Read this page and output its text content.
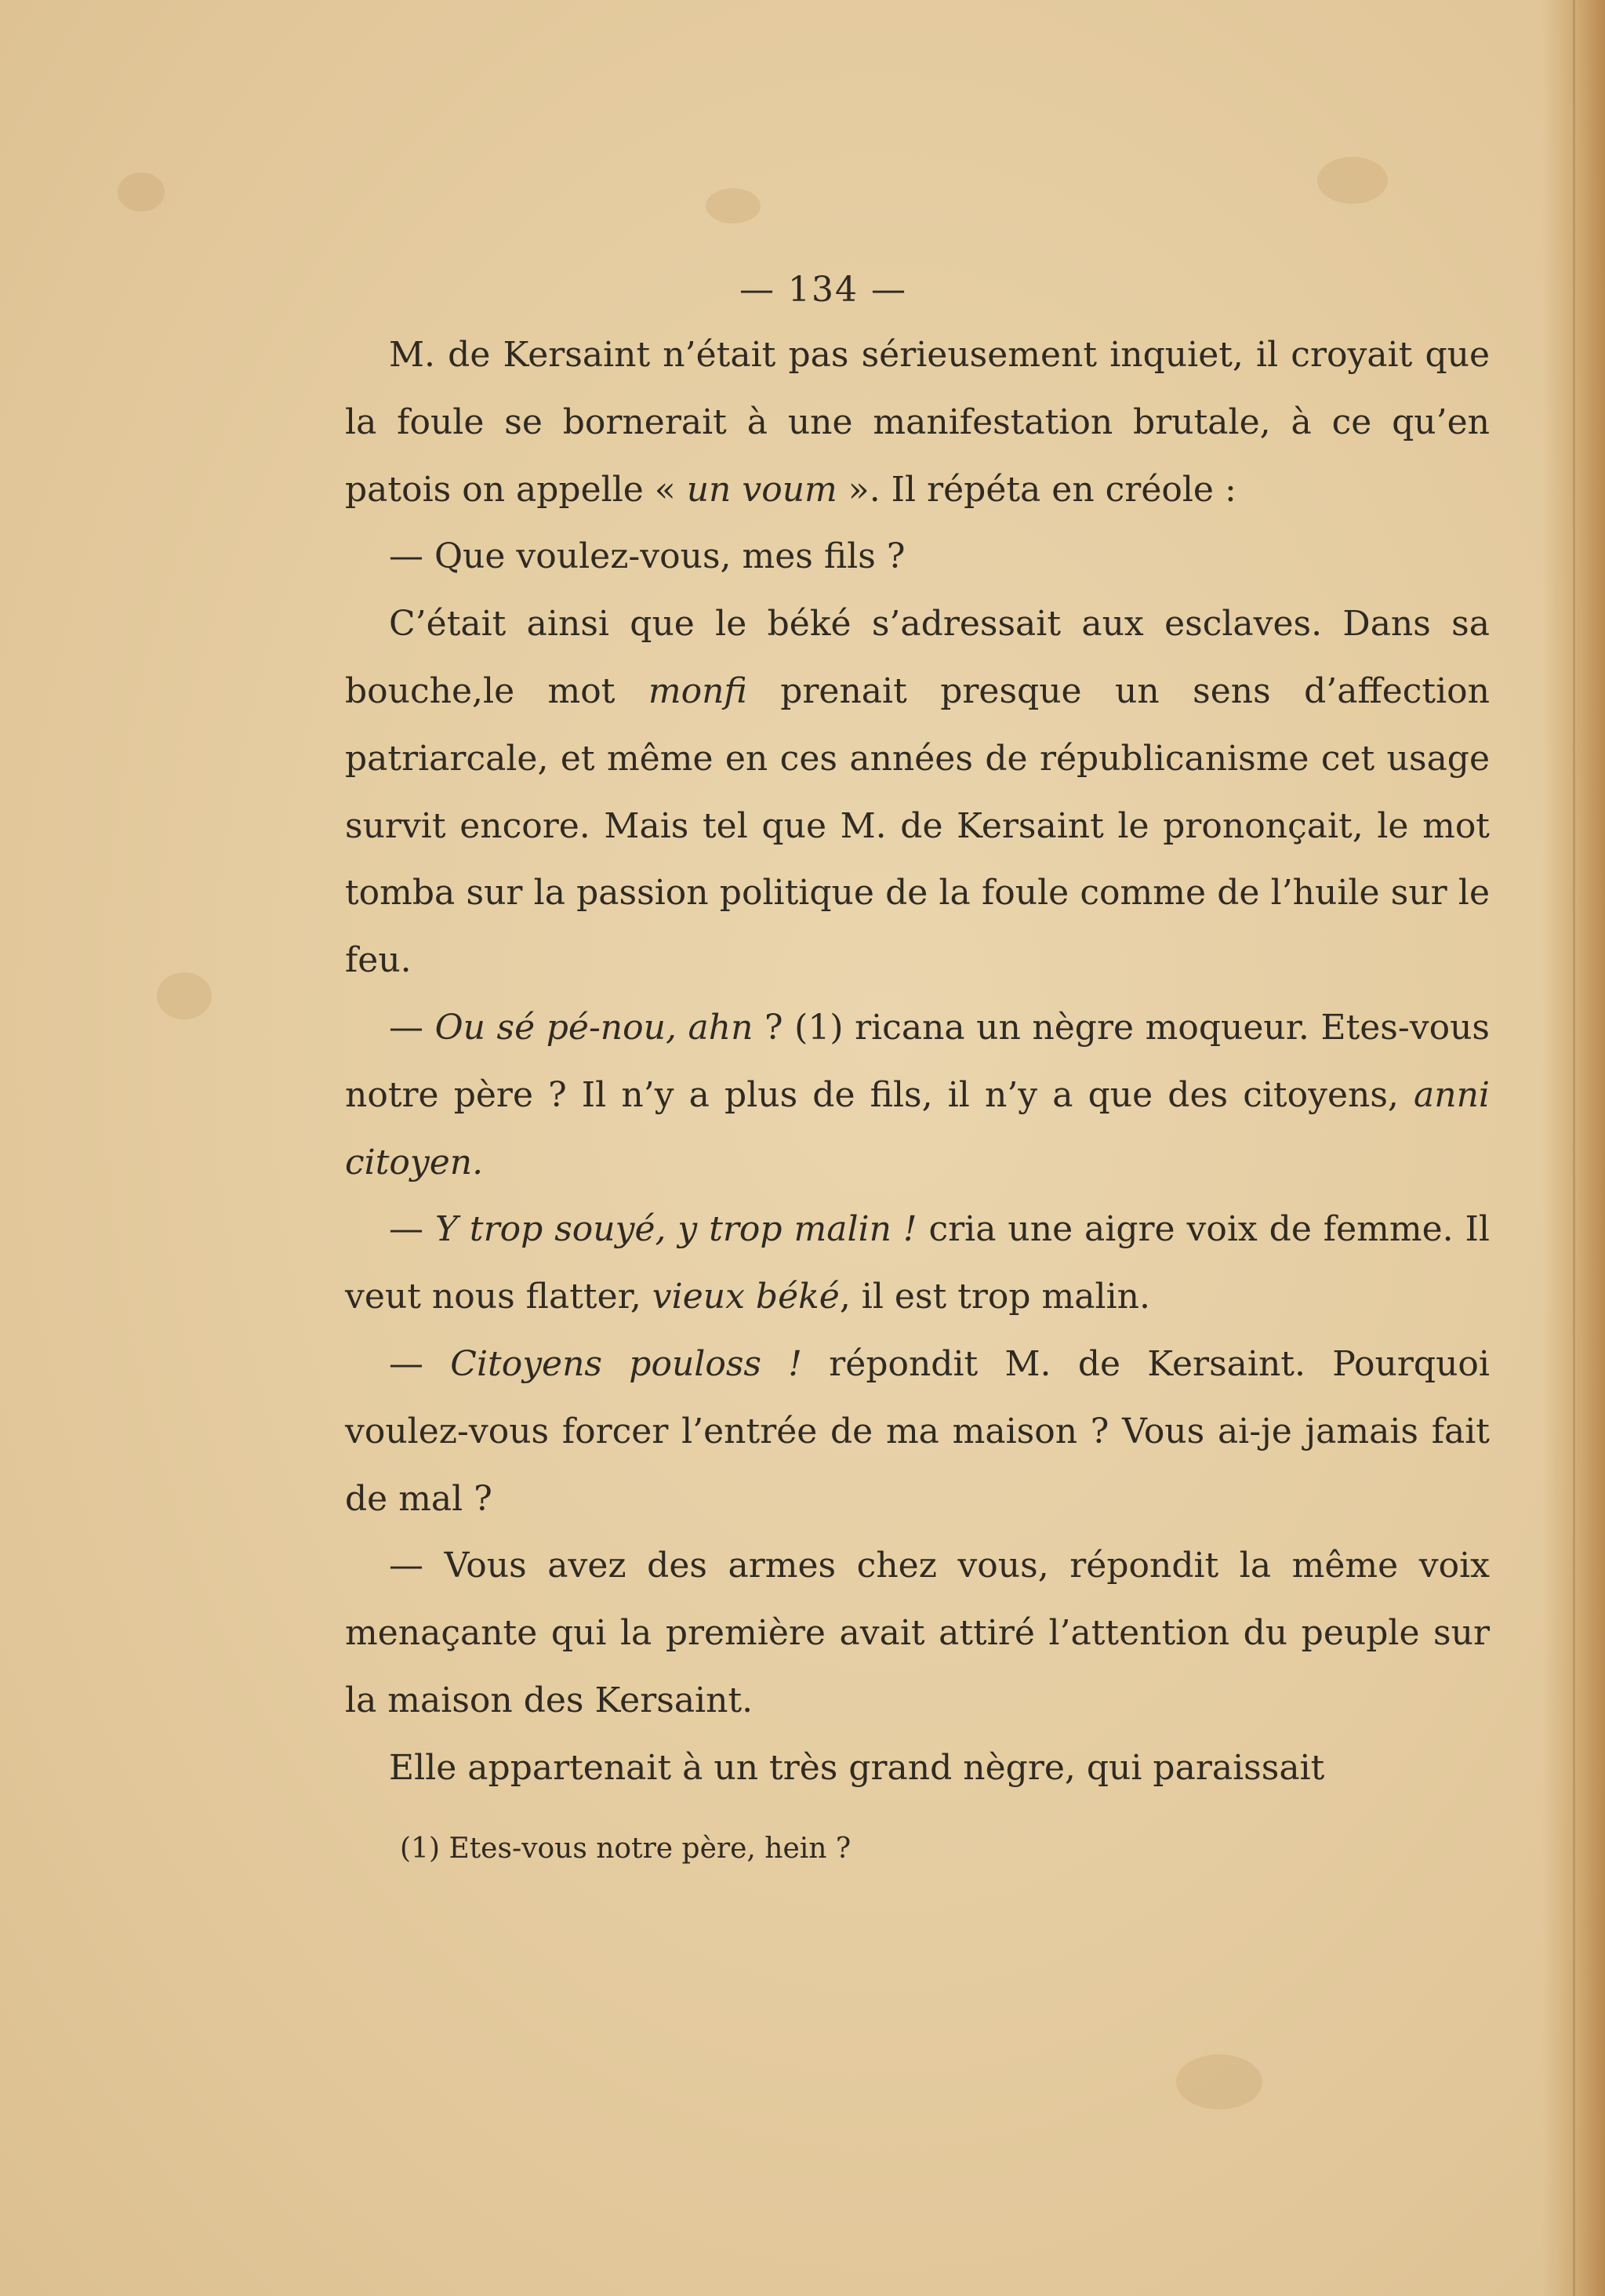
— 134 —

M. de Kersaint n’était pas sérieusement inquiet, il croyait que la foule se bornerait à une manifestation brutale, à ce qu’en patois on appelle « un voum ». Il répéta en créole :

— Que voulez-vous, mes fils ?

C’était ainsi que le béké s’adressait aux esclaves. Dans sa bouche,le mot monfi prenait presque un sens d’affection patriarcale, et même en ces années de républicanisme cet usage survit encore. Mais tel que M. de Kersaint le prononçait, le mot tomba sur la passion politique de la foule comme de l’huile sur le feu.

— Ou sé pé-nou, ahn ? (1) ricana un nègre moqueur. Etes-vous notre père ? Il n’y a plus de fils, il n’y a que des citoyens, anni citoyen.

— Y trop souyé, y trop malin ! cria une aigre voix de femme. Il veut nous flatter, vieux béké, il est trop malin.

— Citoyens pouloss ! répondit M. de Kersaint. Pourquoi voulez-vous forcer l’entrée de ma maison ? Vous ai-je jamais fait de mal ?

— Vous avez des armes chez vous, répondit la même voix menaçante qui la première avait attiré l’attention du peuple sur la maison des Kersaint.

Elle appartenait à un très grand nègre, qui paraissait

(1) Etes-vous notre père, hein ?
